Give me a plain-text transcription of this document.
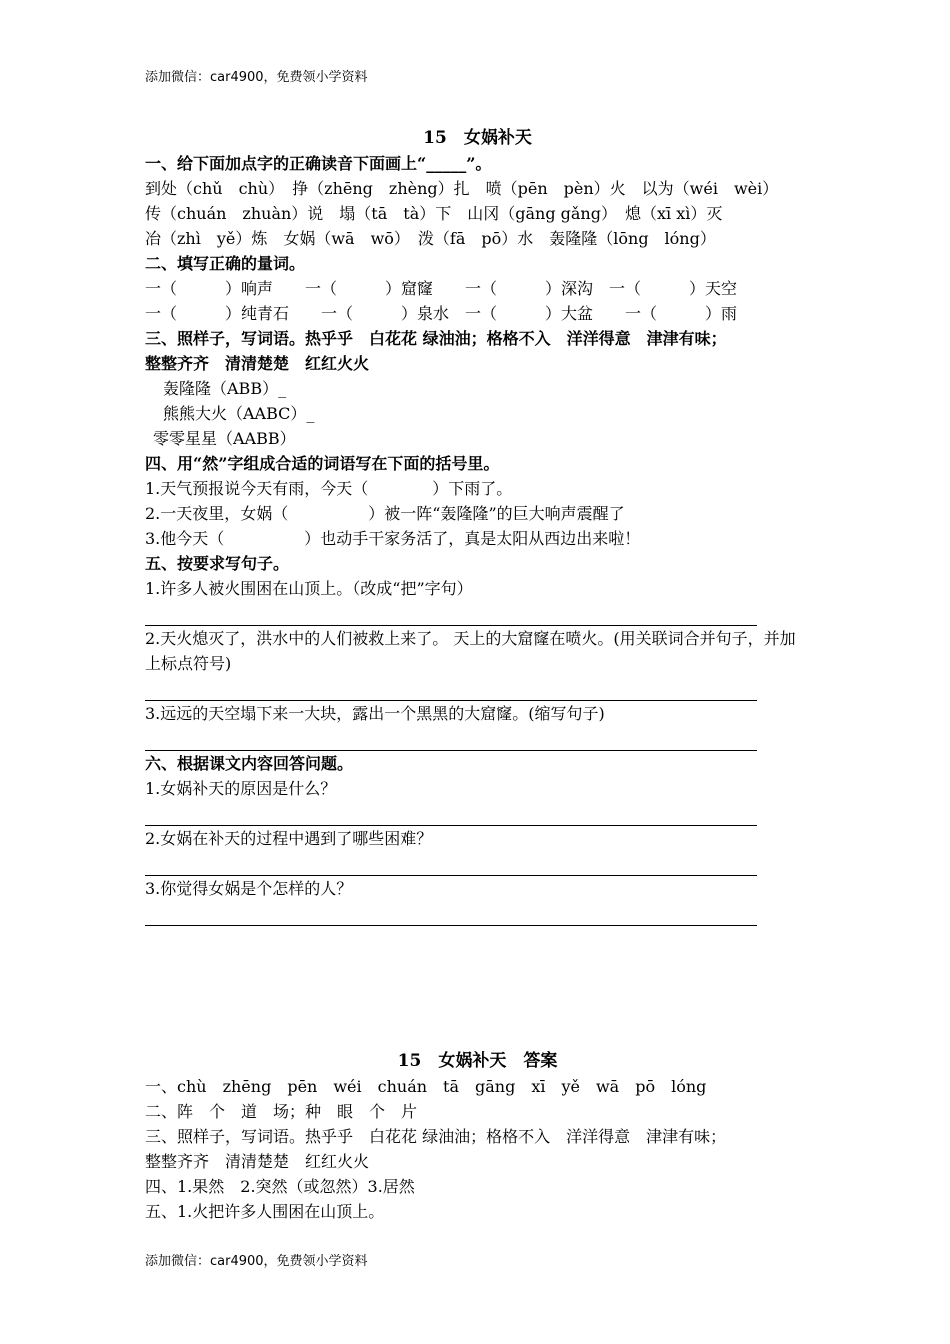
添加微信：car4900，免费领小学资料
15　女娲补天
一、给下面加点字的正确读音下面画上“_____”。
到处（chǔ　chù）　挣（zhēng　zhèng）扎　喷（pēn　pèn）火　以为（wéi　wèi）
传（chuán　zhuàn）说　塌（tā　tà）下　山冈（gāng gǎng）　熄（xī xì）灭
冶（zhì　yě）炼　女娲（wā　wō）　泼（fā　pō）水　轰隆隆（lōng　lóng）
二、填写正确的量词。
一（　　　）响声　　一（　　　）窟窿　　一（　　　）深沟　一（　　　）天空
一（　　　）纯青石　　一（　　　）泉水　一（　　　）大盆　　一（　　　）雨
三、照样子，写词语。热乎乎　白花花 绿油油；格格不入　洋洋得意　津津有味；
整整齐齐　清清楚楚　红红火火
轰隆隆（ABB）_
熊熊大火（AABC）_
零零星星（AABB）
四、用“然”字组成合适的词语写在下面的括号里。
1.天气预报说今天有雨，今天（　　　　）下雨了。
2.一天夜里，女娲（　　　　　）被一阵“轰隆隆”的巨大响声震醒了
3.他今天（　　　　　）也动手干家务活了，真是太阳从西边出来啦！
五、按要求写句子。
1.许多人被火围困在山顶上。（改成“把”字句）
2.天火熄灭了，洪水中的人们被救上来了。 天上的大窟窿在喷火。(用关联词合并句子，并加上标点符号)
3.远远的天空塌下来一大块，露出一个黑黑的大窟窿。(缩写句子)
六、根据课文内容回答问题。
1.女娲补天的原因是什么？
2.女娲在补天的过程中遇到了哪些困难？
3.你觉得女娲是个怎样的人？
15　女娲补天　答案
一、chù　zhēng　pēn　wéi　chuán　tā　gāng　xī　yě　wā　pō　lóng
二、阵　个　道　场；种　眼　个　片
三、照样子，写词语。热乎乎　白花花 绿油油；格格不入　洋洋得意　津津有味；
整整齐齐　清清楚楚　红红火火
四、1.果然　2.突然（或忽然）3.居然
五、1.火把许多人围困在山顶上。
添加微信：car4900，免费领小学资料
